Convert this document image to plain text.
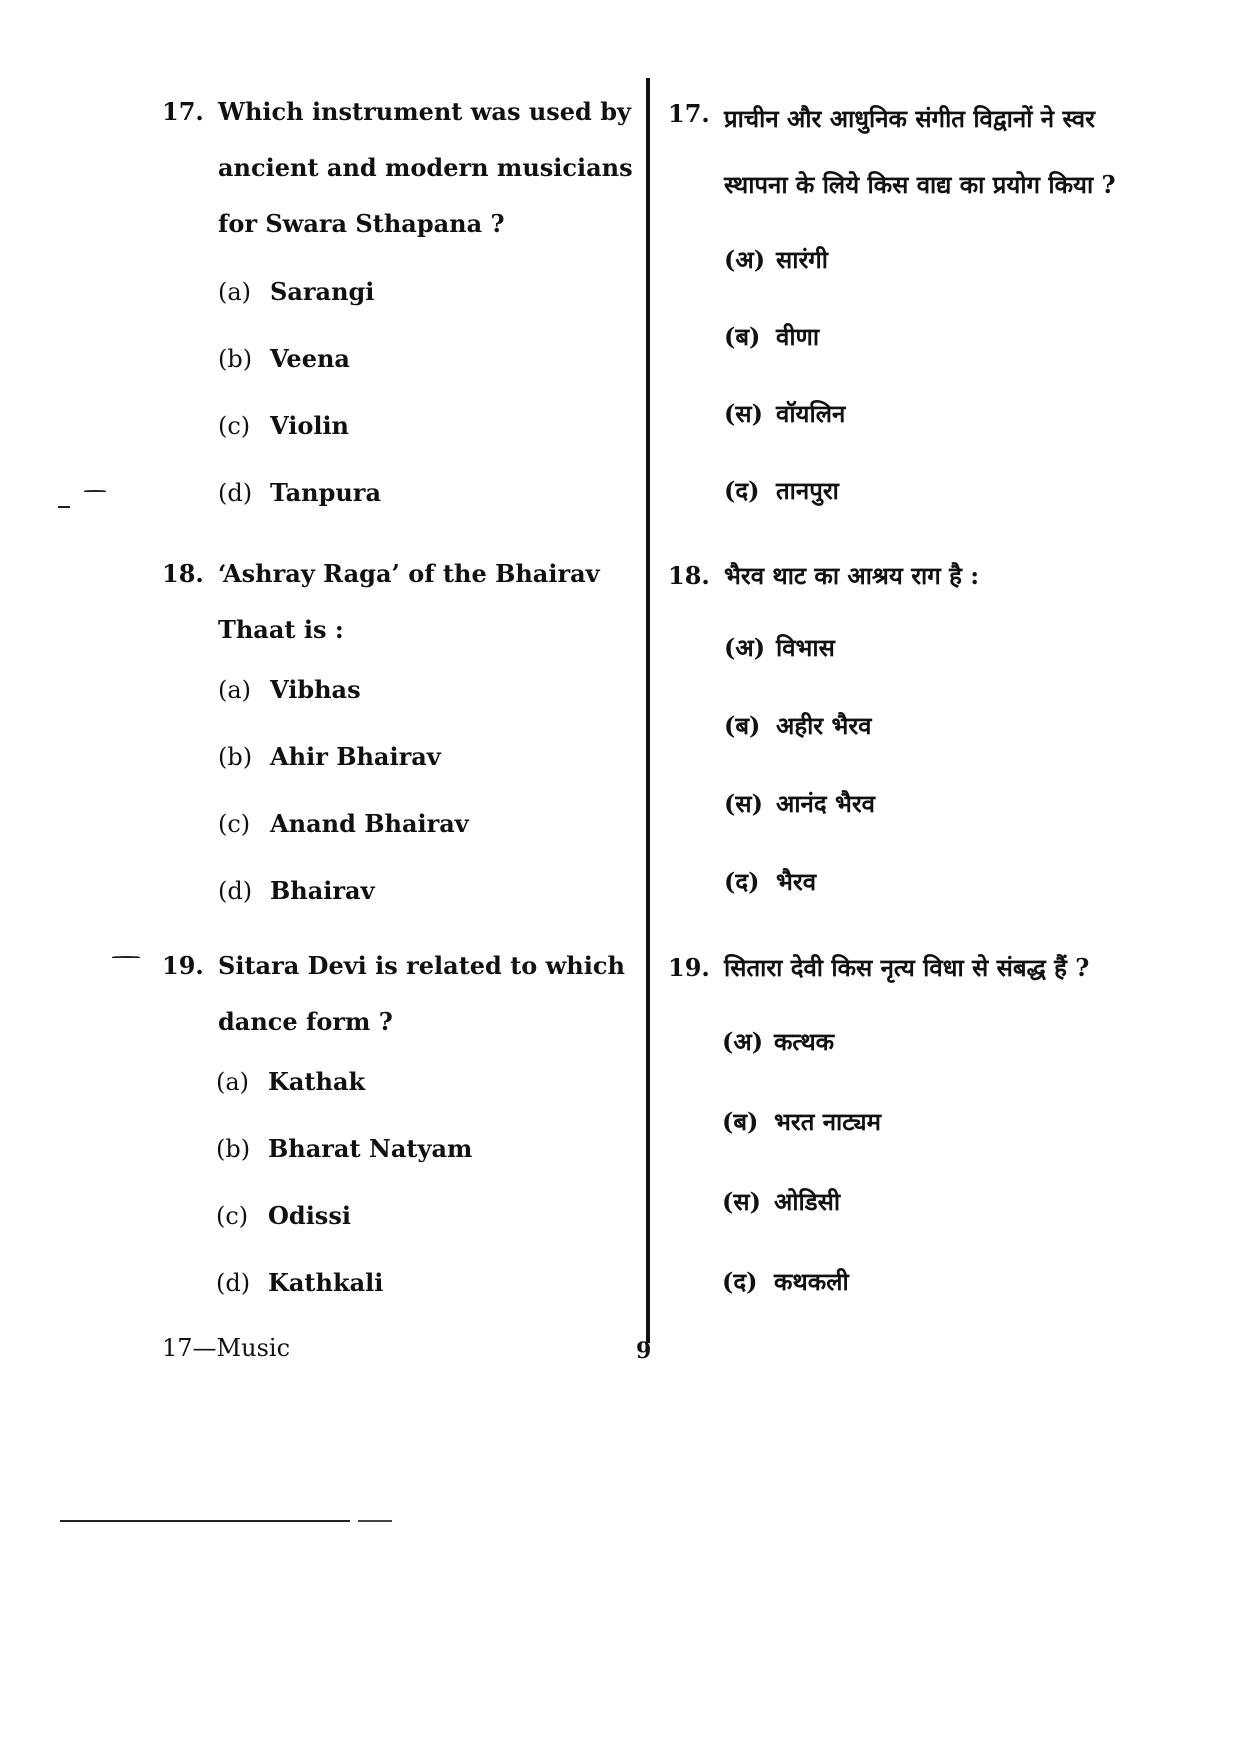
17. Which instrument was used by ancient and modern musicians for Swara Sthapana ?
(a) Sarangi
(b) Veena
(c) Violin
(d) Tanpura
18. ‘Ashray Raga’ of the Bhairav Thaat is :
(a) Vibhas
(b) Ahir Bhairav
(c) Anand Bhairav
(d) Bhairav
19. Sitara Devi is related to which dance form ?
(a) Kathak
(b) Bharat Natyam
(c) Odissi
(d) Kathkali
17. प्राचीन और आधुनिक संगीत विद्वानों ने स्वर स्थापना के लिये किस वाद्य का प्रयोग किया ?
(अ) सारंगी
(ब) वीणा
(स) वॉयलिन
(द) तानपुरा
18. भैरव थाट का आश्रय राग है :
(अ) विभास
(ब) अहीर भैरव
(स) आनंद भैरव
(द) भैरव
19. सितारा देवी किस नृत्य विधा से संबद्ध हैं ?
(अ) कत्थक
(ब) भरत नाट्यम
(स) ओडिसी
(द) कथकली
17—Music	9
